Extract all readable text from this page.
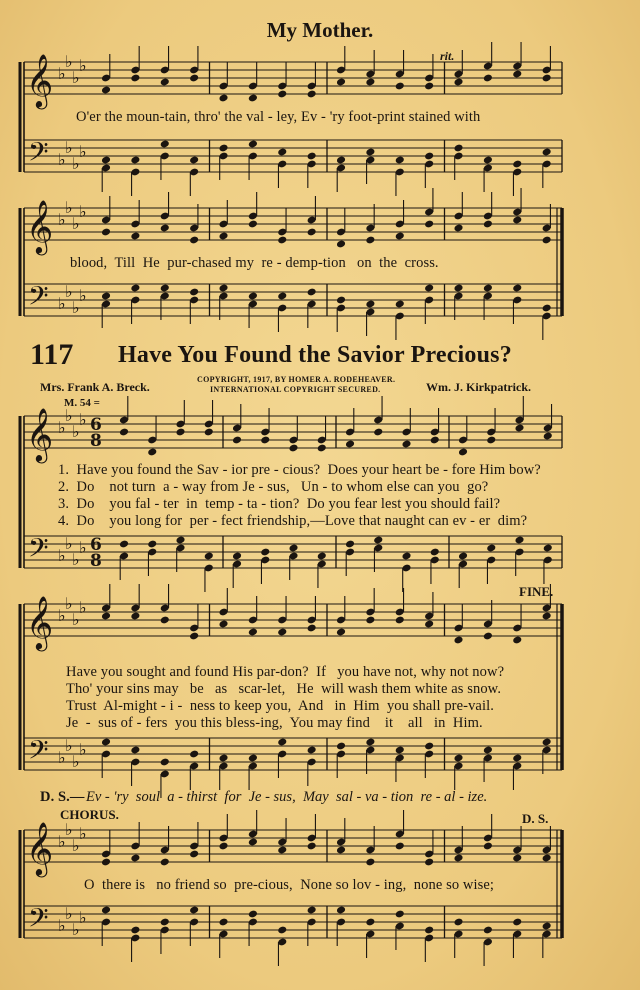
𝄞
𝄢
♭
♭
♭
♭
♭
♭
♭
♭
𝄞
𝄢
♭
♭
♭
♭
♭
♭
♭
♭
𝄞
𝄢
♭
♭
♭
♭
♭
♭
♭
♭
6
6
8
8
𝄞
𝄢
♭
♭
♭
♭
♭
♭
♭
♭
𝄞
𝄢
♭
♭
♭
♭
♭
♭
♭
♭
My Mother.
rit.
O'er the moun-tain, thro' the val - ley, Ev - 'ry foot-print stained with
blood,  Till  He  pur-chased my  re - demp-tion   on  the  cross.
117 Have You Found the Savior Precious?
Mrs. Frank A. Breck.
COPYRIGHT, 1917, BY HOMER A. RODEHEAVER.
INTERNATIONAL COPYRIGHT SECURED.	Wm. J. Kirkpatrick.
M. 54 =
1.  Have you found the Sav - ior pre - cious?  Does your heart be - fore Him bow?
2.  Do    not turn  a - way from Je - sus,   Un - to whom else can you  go?
3.  Do    you fal - ter  in  temp - ta - tion?  Do you fear lest you should fail?
4.  Do    you long for  per - fect friendship,—Love that naught can ev - er  dim?
FINE.
Have you sought and found His par-don?  If   you have not, why not now?
Tho' your sins may   be   as   scar-let,   He  will wash them white as snow.
Trust  Al-might - i -  ness to keep you,  And   in  Him  you shall pre-vail.
Je  -  sus of - fers  you this bless-ing,  You may find    it    all   in  Him.
D. S.— Ev - 'ry  soul  a - thirst  for  Je - sus,  May  sal - va - tion  re - al - ize.
CHORUS.	D. S.
O  there is   no friend so  pre-cious,  None so lov - ing,  none so wise;
